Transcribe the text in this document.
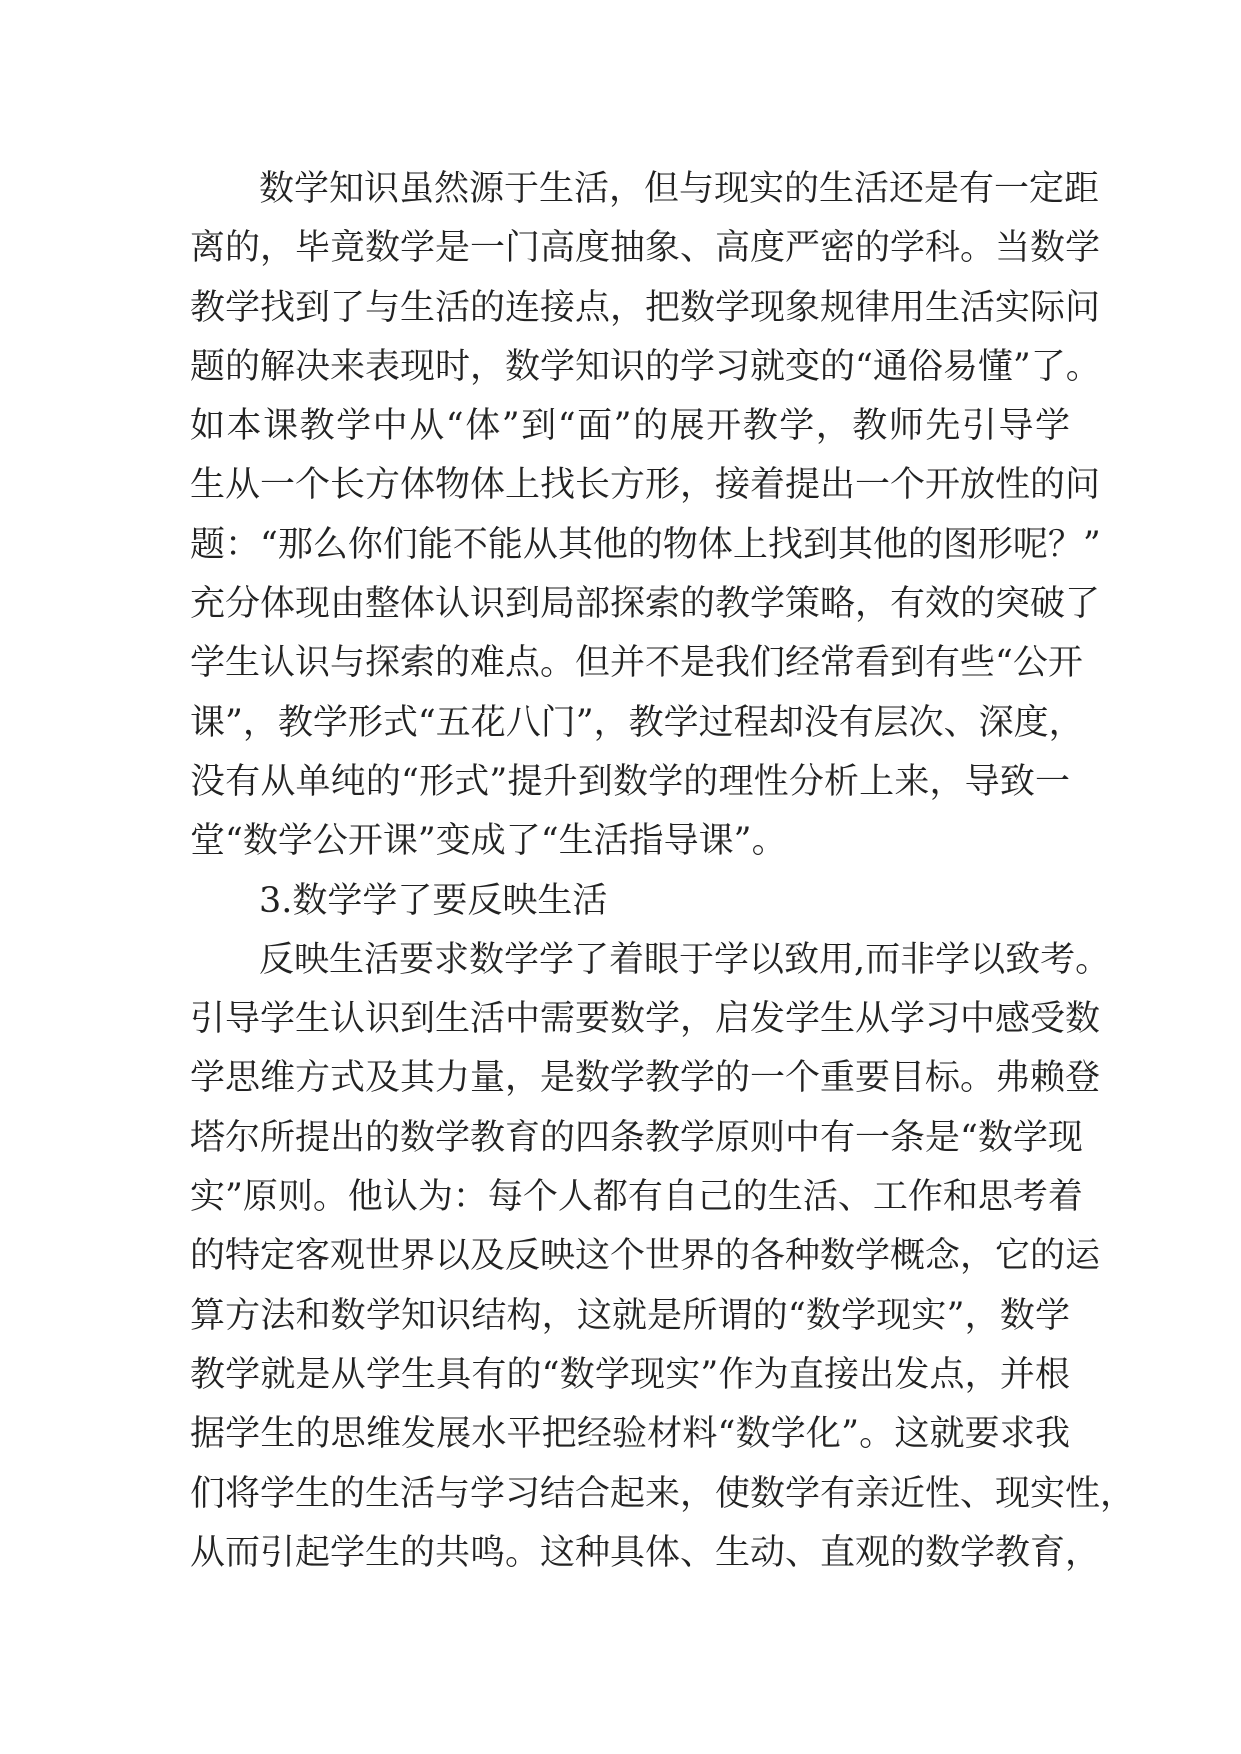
数学知识虽然源于生活，但与现实的生活还是有一定距
离的，毕竟数学是一门高度抽象、高度严密的学科。当数学
教学找到了与生活的连接点，把数学现象规律用生活实际问
题的解决来表现时，数学知识的学习就变的“通俗易懂”了。
如本课教学中从“体”到“面”的展开教学，教师先引导学
生从一个长方体物体上找长方形，接着提出一个开放性的问
题：“那么你们能不能从其他的物体上找到其他的图形呢？”
充分体现由整体认识到局部探索的教学策略，有效的突破了
学生认识与探索的难点。但并不是我们经常看到有些“公开
课”，教学形式“五花八门”，教学过程却没有层次、深度，
没有从单纯的“形式”提升到数学的理性分析上来，导致一
堂“数学公开课”变成了“生活指导课”。
3.数学学了要反映生活
反映生活要求数学学了着眼于学以致用,而非学以致考。
引导学生认识到生活中需要数学，启发学生从学习中感受数
学思维方式及其力量，是数学教学的一个重要目标。弗赖登
塔尔所提出的数学教育的四条教学原则中有一条是“数学现
实”原则。他认为：每个人都有自己的生活、工作和思考着
的特定客观世界以及反映这个世界的各种数学概念，它的运
算方法和数学知识结构，这就是所谓的“数学现实”，数学
教学就是从学生具有的“数学现实”作为直接出发点，并根
据学生的思维发展水平把经验材料“数学化”。这就要求我
们将学生的生活与学习结合起来，使数学有亲近性、现实性，
从而引起学生的共鸣。这种具体、生动、直观的数学教育，
